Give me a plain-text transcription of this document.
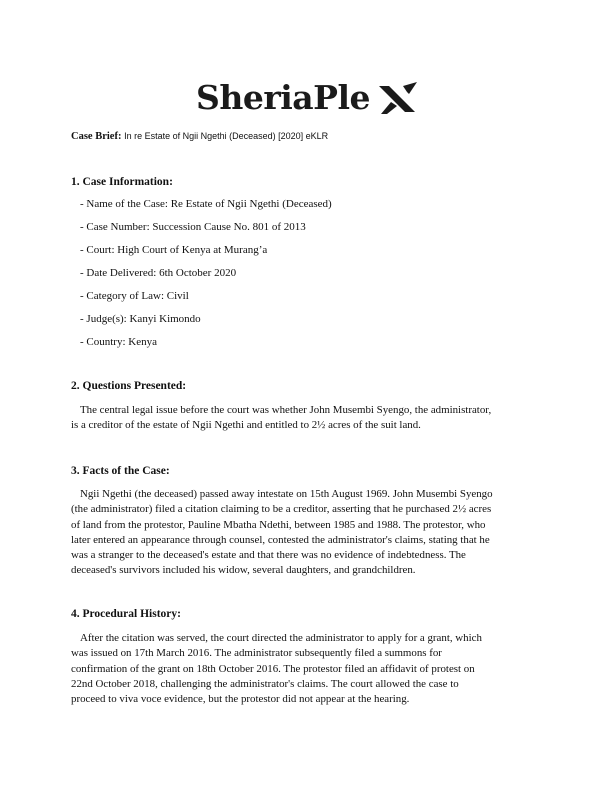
SheriaPle
Case Brief: In re Estate of Ngii Ngethi (Deceased) [2020] eKLR
1. Case Information:
- Name of the Case: Re Estate of Ngii Ngethi (Deceased)
- Case Number: Succession Cause No. 801 of 2013
- Court: High Court of Kenya at Murang’a
- Date Delivered: 6th October 2020
- Category of Law: Civil
- Judge(s): Kanyi Kimondo
- Country: Kenya
2. Questions Presented:
The central legal issue before the court was whether John Musembi Syengo, the administrator,
is a creditor of the estate of Ngii Ngethi and entitled to 2½ acres of the suit land.
3. Facts of the Case:
Ngii Ngethi (the deceased) passed away intestate on 15th August 1969. John Musembi Syengo
(the administrator) filed a citation claiming to be a creditor, asserting that he purchased 2½ acres
of land from the protestor, Pauline Mbatha Ndethi, between 1985 and 1988. The protestor, who
later entered an appearance through counsel, contested the administrator's claims, stating that he
was a stranger to the deceased's estate and that there was no evidence of indebtedness. The
deceased's survivors included his widow, several daughters, and grandchildren.
4. Procedural History:
After the citation was served, the court directed the administrator to apply for a grant, which
was issued on 17th March 2016. The administrator subsequently filed a summons for
confirmation of the grant on 18th October 2016. The protestor filed an affidavit of protest on
22nd October 2018, challenging the administrator's claims. The court allowed the case to
proceed to viva voce evidence, but the protestor did not appear at the hearing.
